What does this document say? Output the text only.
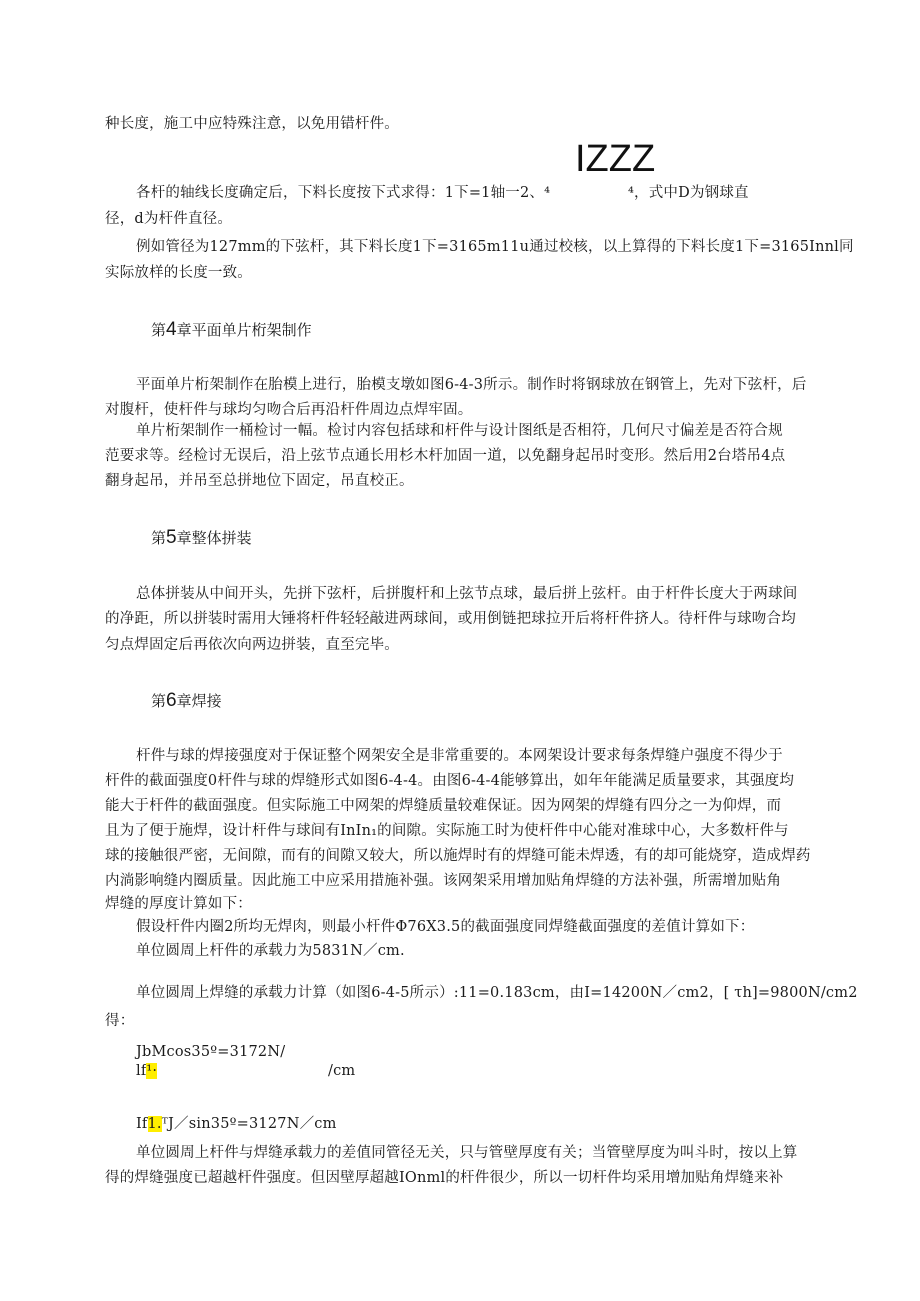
种长度，施工中应特殊注意，以免用错杆件。
IZZZ
各杆的轴线长度确定后，下料长度按下式求得：1下=1轴一2、⁴	⁴，式中D为钢球直
径，d为杆件直径。
例如管径为127mm的下弦杆，其下料长度1下=3165m11u通过校核，以上算得的下料长度1下=3165Innl同
实际放样的长度一致。
第4章平面单片桁架制作
平面单片桁架制作在胎模上进行，胎模支墩如图6-4-3所示。制作时将钢球放在钢管上，先对下弦杆，后
对腹杆，使杆件与球均匀吻合后再沿杆件周边点焊牢固。
单片桁架制作一桶检讨一幅。检讨内容包括球和杆件与设计图纸是否相符，几何尺寸偏差是否符合规
范要求等。经检讨无误后，沿上弦节点通长用杉木杆加固一道，以免翻身起吊时变形。然后用2台塔吊4点
翻身起吊，并吊至总拼地位下固定，吊直校正。
第5章整体拼装
总体拼装从中间开头，先拼下弦杆，后拼腹杆和上弦节点球，最后拼上弦杆。由于杆件长度大于两球间
的净距，所以拼装时需用大锤将杆件轻轻敲进两球间，或用倒链把球拉开后将杆件挤人。待杆件与球吻合均
匀点焊固定后再依次向两边拼装，直至完毕。
第6章焊接
杆件与球的焊接强度对于保证整个网架安全是非常重要的。本网架设计要求每条焊缝户强度不得少于
杆件的截面强度0杆件与球的焊缝形式如图6-4-4。由图6-4-4能够算出，如年年能满足质量要求，其强度均
能大于杆件的截面强度。但实际施工中网架的焊缝质量较难保证。因为网架的焊缝有四分之一为仰焊，而
且为了便于施焊，设计杆件与球间有InIn₁的间隙。实际施工时为使杆件中心能对准球中心，大多数杆件与
球的接触很严密，无间隙，而有的间隙又较大，所以施焊时有的焊缝可能未焊透，有的却可能烧穿，造成焊药
内淌影响缝内圈质量。因此施工中应采用措施补强。该网架采用增加贴角焊缝的方法补强，所需增加贴角
焊缝的厚度计算如下：
假设杆件内圈2所均无焊肉，则最小杆件Φ76X3.5的截面强度同焊缝截面强度的差值计算如下：
单位圆周上杆件的承载力为5831N／cm.
单位圆周上焊缝的承载力计算（如图6-4-5所示）:11=0.183cm，由I=14200N／cm2，[ τh]=9800N/cm2
得：
JbMcos35º=3172N/
lf¹·	/cm
If1.ᵀJ／sin35º=3127N／cm
单位圆周上杆件与焊缝承载力的差值同管径无关，只与管壁厚度有关；当管壁厚度为叫斗时，按以上算
得的焊缝强度已超越杆件强度。但因壁厚超越IOnml的杆件很少，所以一切杆件均采用增加贴角焊缝来补
